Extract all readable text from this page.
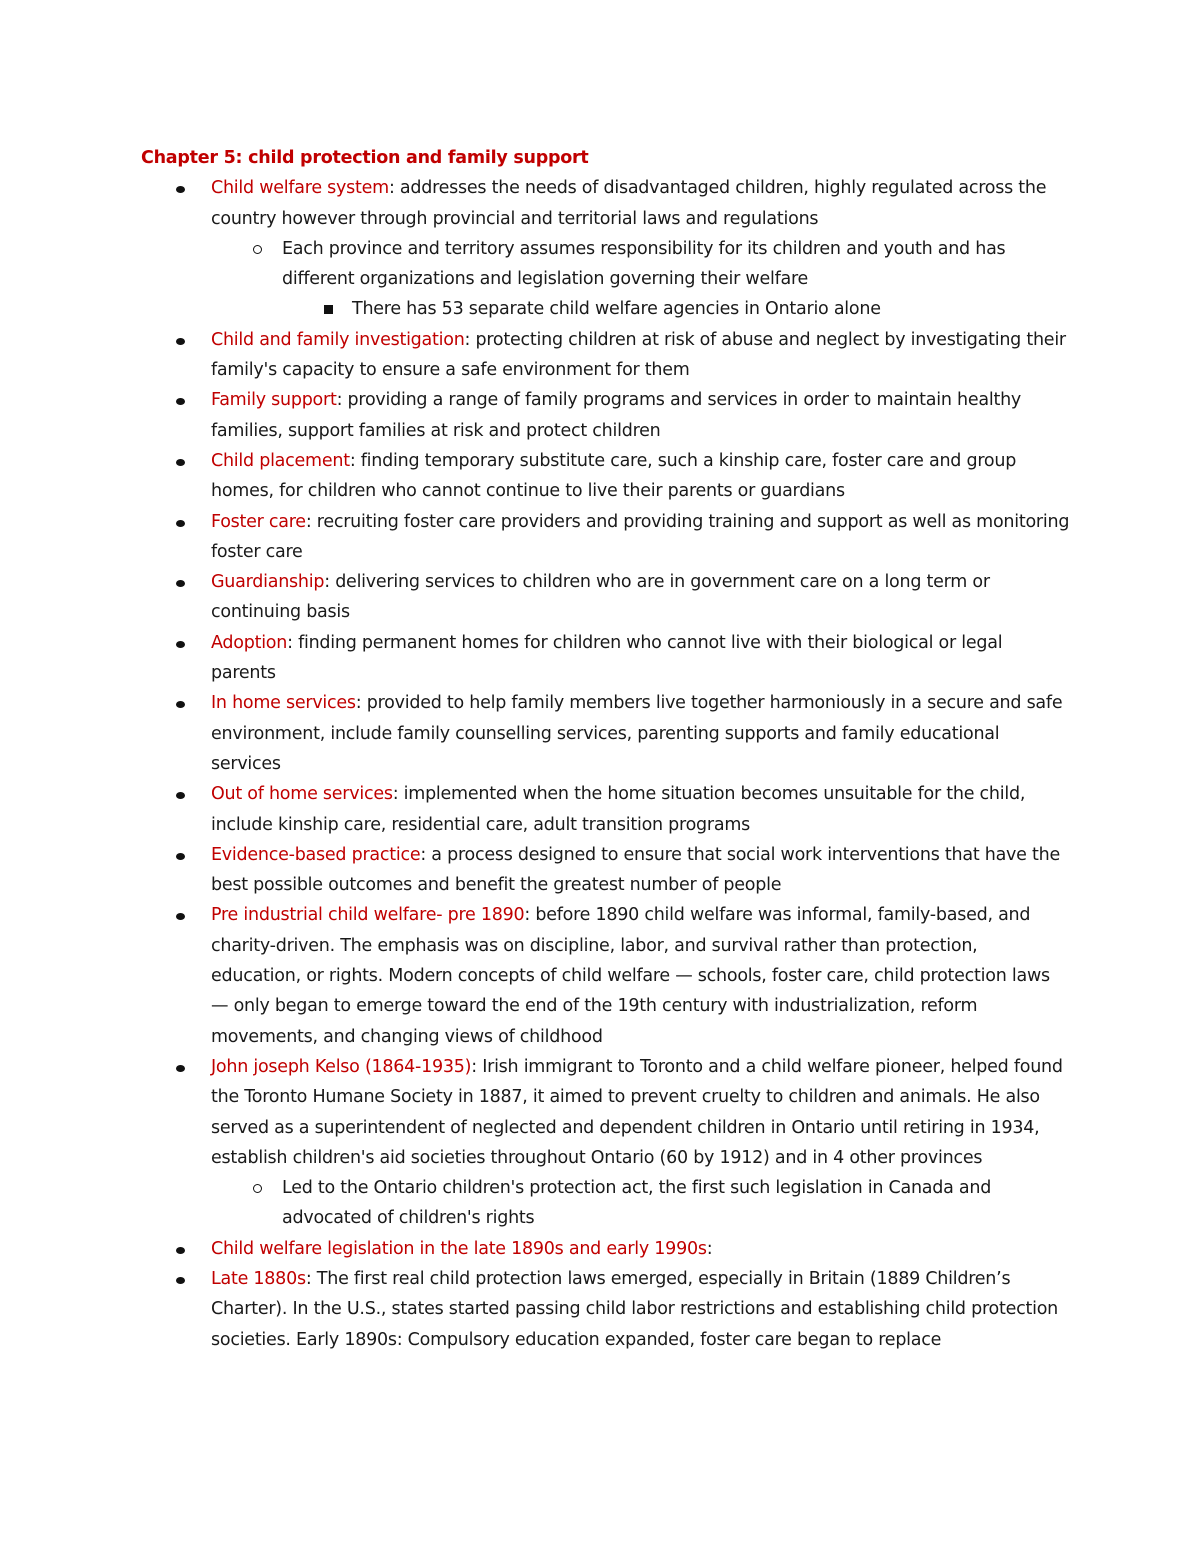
Chapter 5: child protection and family support

Child welfare system: addresses the needs of disadvantaged children, highly regulated across the country however through provincial and territorial laws and regulations
Each province and territory assumes responsibility for its children and youth and has different organizations and legislation governing their welfare
There has 53 separate child welfare agencies in Ontario alone
Child and family investigation: protecting children at risk of abuse and neglect by investigating their family's capacity to ensure a safe environment for them
Family support: providing a range of family programs and services in order to maintain healthy families, support families at risk and protect children
Child placement: finding temporary substitute care, such a kinship care, foster care and group homes, for children who cannot continue to live their parents or guardians
Foster care: recruiting foster care providers and providing training and support as well as monitoring foster care
Guardianship: delivering services to children who are in government care on a long term or continuing basis
Adoption: finding permanent homes for children who cannot live with their biological or legal parents
In home services: provided to help family members live together harmoniously in a secure and safe environment, include family counselling services, parenting supports and family educational services
Out of home services: implemented when the home situation becomes unsuitable for the child, include kinship care, residential care, adult transition programs
Evidence-based practice: a process designed to ensure that social work interventions that have the best possible outcomes and benefit the greatest number of people
Pre industrial child welfare- pre 1890: before 1890 child welfare was informal, family-based, and charity-driven. The emphasis was on discipline, labor, and survival rather than protection, education, or rights. Modern concepts of child welfare — schools, foster care, child protection laws — only began to emerge toward the end of the 19th century with industrialization, reform movements, and changing views of childhood
John joseph Kelso (1864-1935): Irish immigrant to Toronto and a child welfare pioneer, helped found the Toronto Humane Society in 1887, it aimed to prevent cruelty to children and animals. He also served as a superintendent of neglected and dependent children in Ontario until retiring in 1934, establish children's aid societies throughout Ontario (60 by 1912) and in 4 other provinces
Led to the Ontario children's protection act, the first such legislation in Canada and advocated of children's rights
Child welfare legislation in the late 1890s and early 1990s:
Late 1880s: The first real child protection laws emerged, especially in Britain (1889 Children’s Charter). In the U.S., states started passing child labor restrictions and establishing child protection societies. Early 1890s: Compulsory education expanded, foster care began to replace
